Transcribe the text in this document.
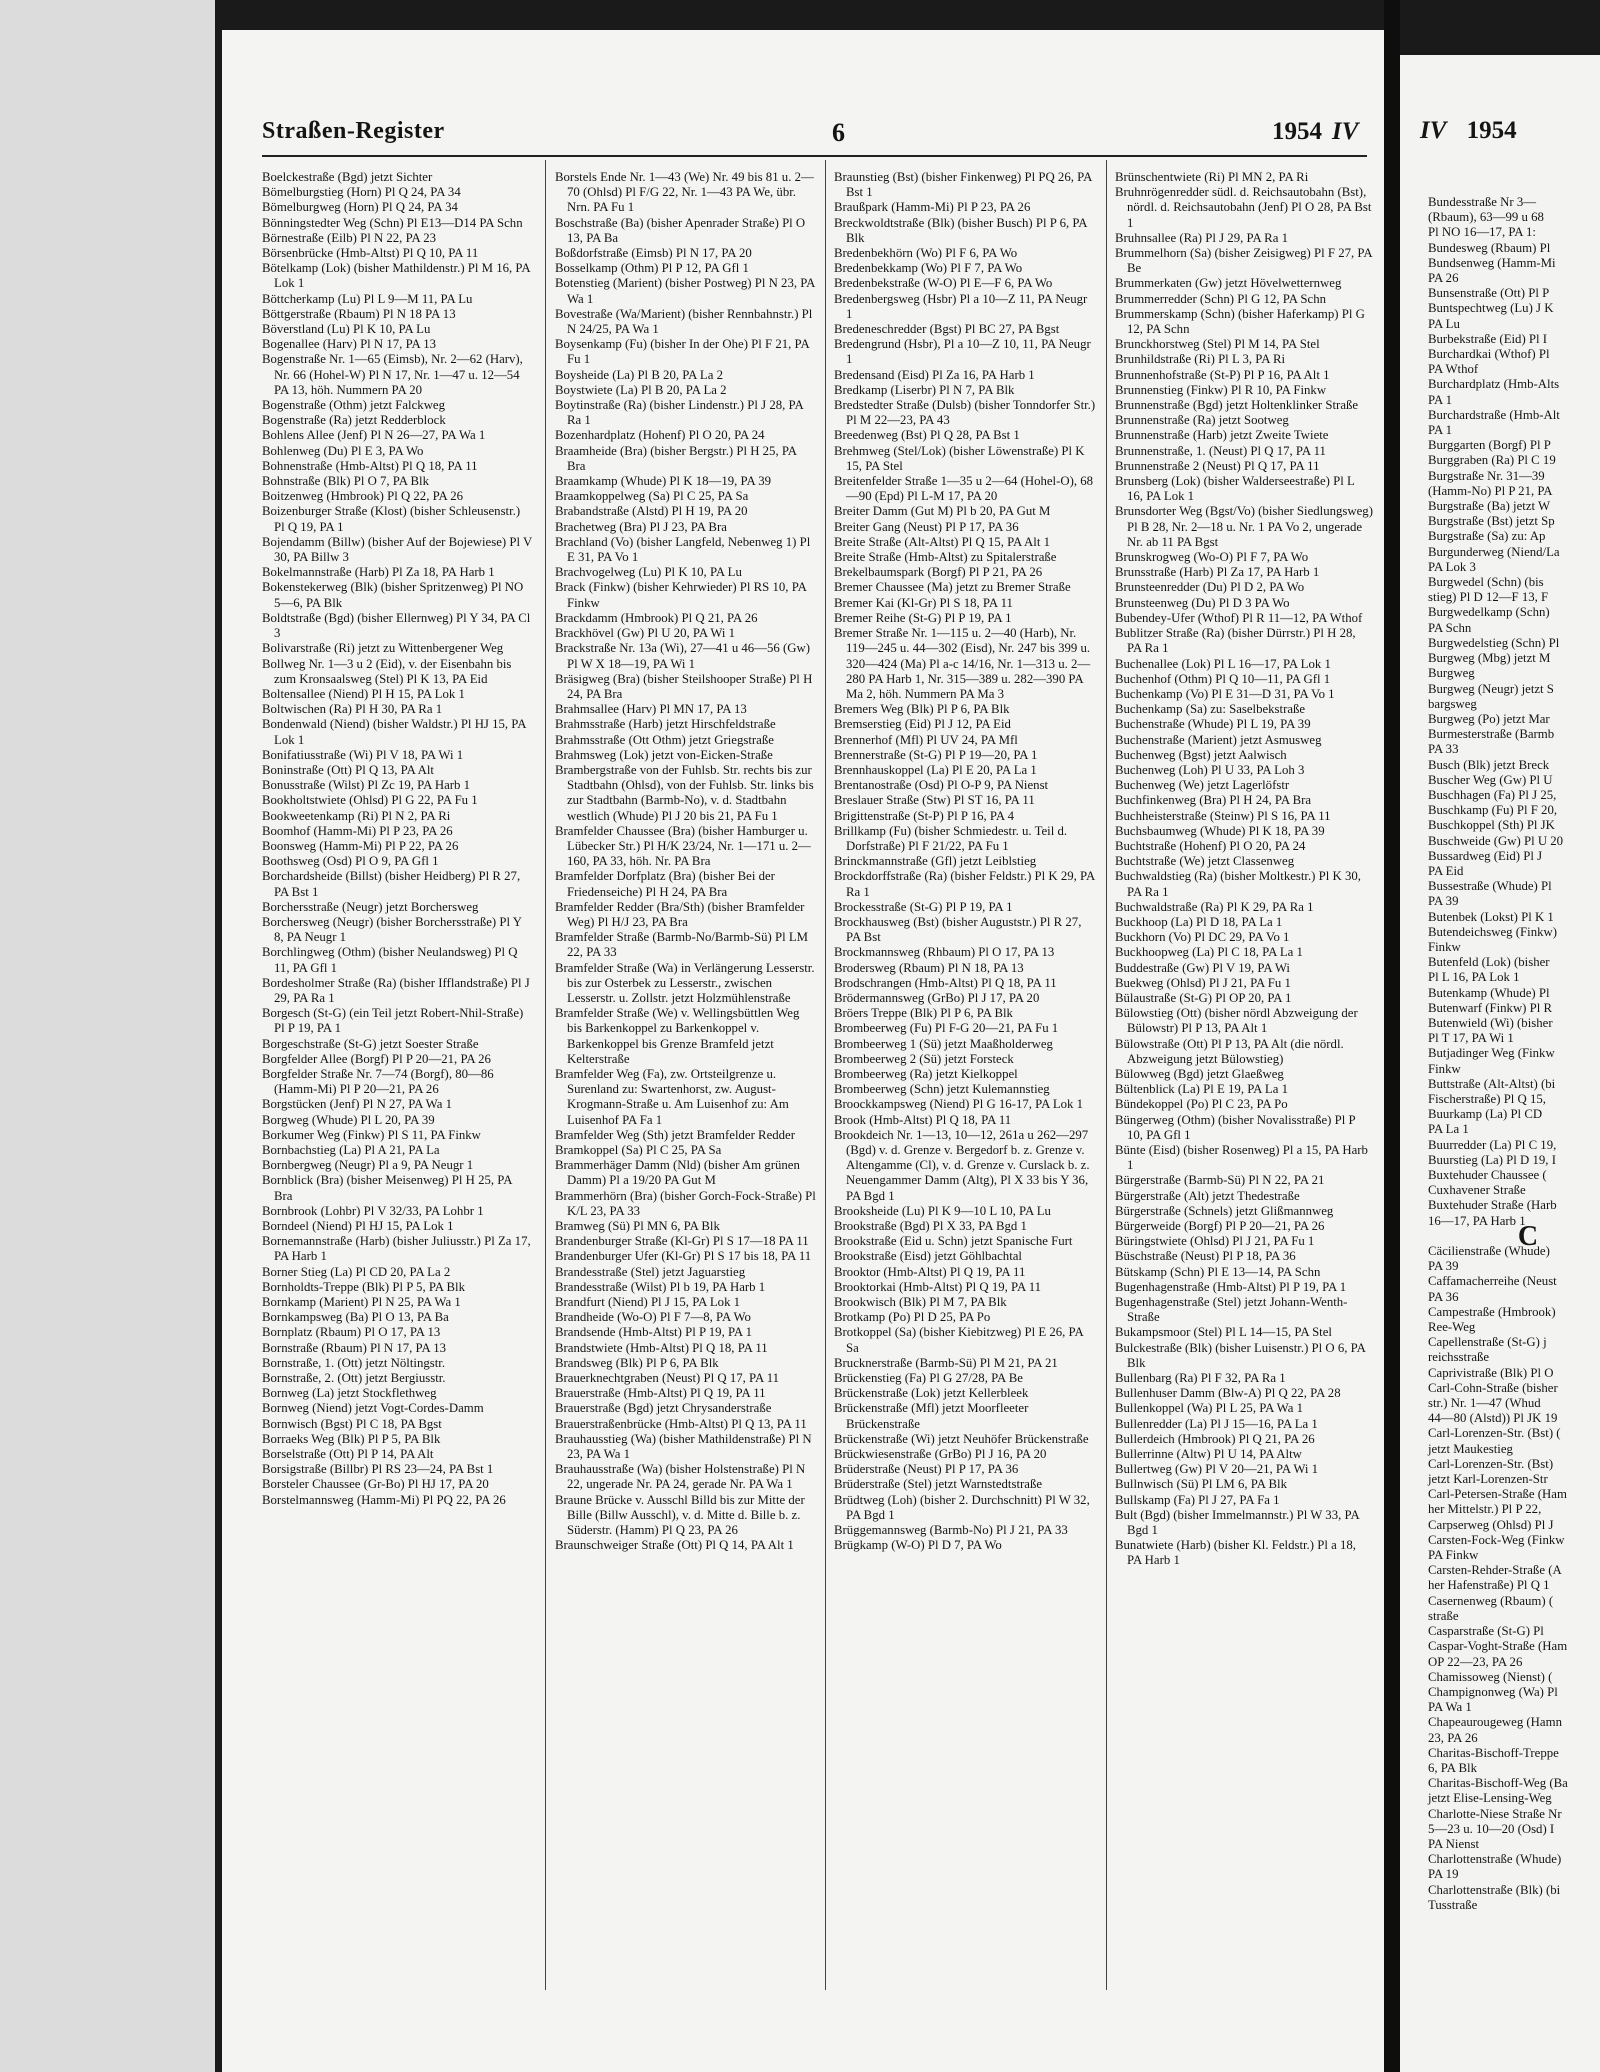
Straßen-Register	6	1954 IV

Boelckestraße (Bgd) jetzt Sichter

Bömelburgstieg (Horn) Pl Q 24, PA 34

Bömelburgweg (Horn) Pl Q 24, PA 34

Bönningstedter Weg (Schn) Pl E13—D14 PA Schn

Börnestraße (Eilb) Pl N 22, PA 23

Börsenbrücke (Hmb-Altst) Pl Q 10, PA 11

Bötelkamp (Lok) (bisher Mathildenstr.) Pl M 16, PA Lok 1

Böttcherkamp (Lu) Pl L 9—M 11, PA Lu

Böttgerstraße (Rbaum) Pl N 18 PA 13

Böverstland (Lu) Pl K 10, PA Lu

Bogenallee (Harv) Pl N 17, PA 13

Bogenstraße Nr. 1—65 (Eimsb), Nr. 2—62 (Harv), Nr. 66 (Hohel-W) Pl N 17, Nr. 1—47 u. 12—54 PA 13, höh. Nummern PA 20

Bogenstraße (Othm) jetzt Falckweg

Bogenstraße (Ra) jetzt Redderblock

Bohlens Allee (Jenf) Pl N 26—27, PA Wa 1

Bohlenweg (Du) Pl E 3, PA Wo

Bohnenstraße (Hmb-Altst) Pl Q 18, PA 11

Bohnstraße (Blk) Pl O 7, PA Blk

Boitzenweg (Hmbrook) Pl Q 22, PA 26

Boizenburger Straße (Klost) (bisher Schleusenstr.) Pl Q 19, PA 1

Bojendamm (Billw) (bisher Auf der Bojewiese) Pl V 30, PA Billw 3

Bokelmannstraße (Harb) Pl Za 18, PA Harb 1

Bokenstekerweg (Blk) (bisher Spritzenweg) Pl NO 5—6, PA Blk

Boldtstraße (Bgd) (bisher Ellernweg) Pl Y 34, PA Cl 3

Bolivarstraße (Ri) jetzt zu Wittenbergener Weg

Bollweg Nr. 1—3 u 2 (Eid), v. der Eisenbahn bis zum Kronsaalsweg (Stel) Pl K 13, PA Eid

Boltensallee (Niend) Pl H 15, PA Lok 1

Boltwischen (Ra) Pl H 30, PA Ra 1

Bondenwald (Niend) (bisher Waldstr.) Pl HJ 15, PA Lok 1

Bonifatiusstraße (Wi) Pl V 18, PA Wi 1

Boninstraße (Ott) Pl Q 13, PA Alt

Bonusstraße (Wilst) Pl Zc 19, PA Harb 1

Bookholtstwiete (Ohlsd) Pl G 22, PA Fu 1

Bookweetenkamp (Ri) Pl N 2, PA Ri

Boomhof (Hamm-Mi) Pl P 23, PA 26

Boonsweg (Hamm-Mi) Pl P 22, PA 26

Boothsweg (Osd) Pl O 9, PA Gfl 1

Borchardsheide (Billst) (bisher Heidberg) Pl R 27, PA Bst 1

Borchersstraße (Neugr) jetzt Borchersweg

Borchersweg (Neugr) (bisher Borchersstraße) Pl Y 8, PA Neugr 1

Borchlingweg (Othm) (bisher Neulandsweg) Pl Q 11, PA Gfl 1

Bordesholmer Straße (Ra) (bisher Ifflandstraße) Pl J 29, PA Ra 1

Borgesch (St-G) (ein Teil jetzt Robert-Nhil-Straße) Pl P 19, PA 1

Borgeschstraße (St-G) jetzt Soester Straße

Borgfelder Allee (Borgf) Pl P 20—21, PA 26

Borgfelder Straße Nr. 7—74 (Borgf), 80—86 (Hamm-Mi) Pl P 20—21, PA 26

Borgstücken (Jenf) Pl N 27, PA Wa 1

Borgweg (Whude) Pl L 20, PA 39

Borkumer Weg (Finkw) Pl S 11, PA Finkw

Bornbachstieg (La) Pl A 21, PA La

Bornbergweg (Neugr) Pl a 9, PA Neugr 1

Bornblick (Bra) (bisher Meisenweg) Pl H 25, PA Bra

Bornbrook (Lohbr) Pl V 32/33, PA Lohbr 1

Borndeel (Niend) Pl HJ 15, PA Lok 1

Bornemannstraße (Harb) (bisher Juliusstr.) Pl Za 17, PA Harb 1

Borner Stieg (La) Pl CD 20, PA La 2

Bornholdts-Treppe (Blk) Pl P 5, PA Blk

Bornkamp (Marient) Pl N 25, PA Wa 1

Bornkampsweg (Ba) Pl O 13, PA Ba

Bornplatz (Rbaum) Pl O 17, PA 13

Bornstraße (Rbaum) Pl N 17, PA 13

Bornstraße, 1. (Ott) jetzt Nöltingstr.

Bornstraße, 2. (Ott) jetzt Bergiusstr.

Bornweg (La) jetzt Stockflethweg

Bornweg (Niend) jetzt Vogt-Cordes-Damm

Bornwisch (Bgst) Pl C 18, PA Bgst

Borraeks Weg (Blk) Pl P 5, PA Blk

Borselstraße (Ott) Pl P 14, PA Alt

Borsigstraße (Billbr) Pl RS 23—24, PA Bst 1

Borsteler Chaussee (Gr-Bo) Pl HJ 17, PA 20

Borstelmannsweg (Hamm-Mi) Pl PQ 22, PA 26

Borstels Ende Nr. 1—43 (We) Nr. 49 bis 81 u. 2—70 (Ohlsd) Pl F/G 22, Nr. 1—43 PA We, übr. Nrn. PA Fu 1

Boschstraße (Ba) (bisher Apenrader Straße) Pl O 13, PA Ba

Boßdorfstraße (Eimsb) Pl N 17, PA 20

Bosselkamp (Othm) Pl P 12, PA Gfl 1

Botenstieg (Marient) (bisher Postweg) Pl N 23, PA Wa 1

Bovestraße (Wa/Marient) (bisher Rennbahnstr.) Pl N 24/25, PA Wa 1

Boysenkamp (Fu) (bisher In der Ohe) Pl F 21, PA Fu 1

Boysheide (La) Pl B 20, PA La 2

Boystwiete (La) Pl B 20, PA La 2

Boytinstraße (Ra) (bisher Lindenstr.) Pl J 28, PA Ra 1

Bozenhardplatz (Hohenf) Pl O 20, PA 24

Braamheide (Bra) (bisher Bergstr.) Pl H 25, PA Bra

Braamkamp (Whude) Pl K 18—19, PA 39

Braamkoppelweg (Sa) Pl C 25, PA Sa

Brabandstraße (Alstd) Pl H 19, PA 20

Brachetweg (Bra) Pl J 23, PA Bra

Brachland (Vo) (bisher Langfeld, Nebenweg 1) Pl E 31, PA Vo 1

Brachvogelweg (Lu) Pl K 10, PA Lu

Brack (Finkw) (bisher Kehrwieder) Pl RS 10, PA Finkw

Brackdamm (Hmbrook) Pl Q 21, PA 26

Brackhövel (Gw) Pl U 20, PA Wi 1

Brackstraße Nr. 13a (Wi), 27—41 u 46—56 (Gw) Pl W X 18—19, PA Wi 1

Bräsigweg (Bra) (bisher Steilshooper Straße) Pl H 24, PA Bra

Brahmsallee (Harv) Pl MN 17, PA 13

Brahmsstraße (Harb) jetzt Hirschfeldstraße

Brahmsstraße (Ott Othm) jetzt Griegstraße

Brahmsweg (Lok) jetzt von-Eicken-Straße

Brambergstraße von der Fuhlsb. Str. rechts bis zur Stadtbahn (Ohlsd), von der Fuhlsb. Str. links bis zur Stadtbahn (Barmb-No), v. d. Stadtbahn westlich (Whude) Pl J 20 bis 21, PA Fu 1

Bramfelder Chaussee (Bra) (bisher Hamburger u. Lübecker Str.) Pl H/K 23/24, Nr. 1—171 u. 2—160, PA 33, höh. Nr. PA Bra

Bramfelder Dorfplatz (Bra) (bisher Bei der Friedenseiche) Pl H 24, PA Bra

Bramfelder Redder (Bra/Sth) (bisher Bramfelder Weg) Pl H/J 23, PA Bra

Bramfelder Straße (Barmb-No/Barmb-Sü) Pl LM 22, PA 33

Bramfelder Straße (Wa) in Verlängerung Lesserstr. bis zur Osterbek zu Lesserstr., zwischen Lesserstr. u. Zollstr. jetzt Holzmühlenstraße

Bramfelder Straße (We) v. Wellingsbüttlen Weg bis Barkenkoppel zu Barkenkoppel v. Barkenkoppel bis Grenze Bramfeld jetzt Kelterstraße

Bramfelder Weg (Fa), zw. Ortsteilgrenze u. Surenland zu: Swartenhorst, zw. August-Krogmann-Straße u. Am Luisenhof zu: Am Luisenhof PA Fa 1

Bramfelder Weg (Sth) jetzt Bramfelder Redder

Bramkoppel (Sa) Pl C 25, PA Sa

Brammerhäger Damm (Nld) (bisher Am grünen Damm) Pl a 19/20 PA Gut M

Brammerhörn (Bra) (bisher Gorch-Fock-Straße) Pl K/L 23, PA 33

Bramweg (Sü) Pl MN 6, PA Blk

Brandenburger Straße (Kl-Gr) Pl S 17—18 PA 11

Brandenburger Ufer (Kl-Gr) Pl S 17 bis 18, PA 11

Brandesstraße (Stel) jetzt Jaguarstieg

Brandesstraße (Wilst) Pl b 19, PA Harb 1

Brandfurt (Niend) Pl J 15, PA Lok 1

Brandheide (Wo-O) Pl F 7—8, PA Wo

Brandsende (Hmb-Altst) Pl P 19, PA 1

Brandstwiete (Hmb-Altst) Pl Q 18, PA 11

Brandsweg (Blk) Pl P 6, PA Blk

Brauerknechtgraben (Neust) Pl Q 17, PA 11

Brauerstraße (Hmb-Altst) Pl Q 19, PA 11

Brauerstraße (Bgd) jetzt Chrysanderstraße

Brauerstraßenbrücke (Hmb-Altst) Pl Q 13, PA 11

Brauhausstieg (Wa) (bisher Mathildenstraße) Pl N 23, PA Wa 1

Brauhausstraße (Wa) (bisher Holstenstraße) Pl N 22, ungerade Nr. PA 24, gerade Nr. PA Wa 1

Braune Brücke v. Ausschl Billd bis zur Mitte der Bille (Billw Ausschl), v. d. Mitte d. Bille b. z. Süderstr. (Hamm) Pl Q 23, PA 26

Braunschweiger Straße (Ott) Pl Q 14, PA Alt 1

Braunstieg (Bst) (bisher Finkenweg) Pl PQ 26, PA Bst 1

Braußpark (Hamm-Mi) Pl P 23, PA 26

Breckwoldtstraße (Blk) (bisher Busch) Pl P 6, PA Blk

Bredenbekhörn (Wo) Pl F 6, PA Wo

Bredenbekkamp (Wo) Pl F 7, PA Wo

Bredenbekstraße (W-O) Pl E—F 6, PA Wo

Bredenbergsweg (Hsbr) Pl a 10—Z 11, PA Neugr 1

Bredeneschredder (Bgst) Pl BC 27, PA Bgst

Bredengrund (Hsbr), Pl a 10—Z 10, 11, PA Neugr 1

Bredensand (Eisd) Pl Za 16, PA Harb 1

Bredkamp (Liserbr) Pl N 7, PA Blk

Bredstedter Straße (Dulsb) (bisher Tonndorfer Str.) Pl M 22—23, PA 43

Breedenweg (Bst) Pl Q 28, PA Bst 1

Brehmweg (Stel/Lok) (bisher Löwenstraße) Pl K 15, PA Stel

Breitenfelder Straße 1—35 u 2—64 (Hohel-O), 68—90 (Epd) Pl L-M 17, PA 20

Breiter Damm (Gut M) Pl b 20, PA Gut M

Breiter Gang (Neust) Pl P 17, PA 36

Breite Straße (Alt-Altst) Pl Q 15, PA Alt 1

Breite Straße (Hmb-Altst) zu Spitalerstraße

Brekelbaumspark (Borgf) Pl P 21, PA 26

Bremer Chaussee (Ma) jetzt zu Bremer Straße

Bremer Kai (Kl-Gr) Pl S 18, PA 11

Bremer Reihe (St-G) Pl P 19, PA 1

Bremer Straße Nr. 1—115 u. 2—40 (Harb), Nr. 119—245 u. 44—302 (Eisd), Nr. 247 bis 399 u. 320—424 (Ma) Pl a-c 14/16, Nr. 1—313 u. 2—280 PA Harb 1, Nr. 315—389 u. 282—390 PA Ma 2, höh. Nummern PA Ma 3

Bremers Weg (Blk) Pl P 6, PA Blk

Bremserstieg (Eid) Pl J 12, PA Eid

Brennerhof (Mfl) Pl UV 24, PA Mfl

Brennerstraße (St-G) Pl P 19—20, PA 1

Brennhauskoppel (La) Pl E 20, PA La 1

Brentanostraße (Osd) Pl O-P 9, PA Nienst

Breslauer Straße (Stw) Pl ST 16, PA 11

Brigittenstraße (St-P) Pl P 16, PA 4

Brillkamp (Fu) (bisher Schmiedestr. u. Teil d. Dorfstraße) Pl F 21/22, PA Fu 1

Brinckmannstraße (Gfl) jetzt Leiblstieg

Brockdorffstraße (Ra) (bisher Feldstr.) Pl K 29, PA Ra 1

Brockesstraße (St-G) Pl P 19, PA 1

Brockhausweg (Bst) (bisher Auguststr.) Pl R 27, PA Bst

Brockmannsweg (Rhbaum) Pl O 17, PA 13

Brodersweg (Rbaum) Pl N 18, PA 13

Brodschrangen (Hmb-Altst) Pl Q 18, PA 11

Brödermannsweg (GrBo) Pl J 17, PA 20

Bröers Treppe (Blk) Pl P 6, PA Blk

Brombeerweg (Fu) Pl F-G 20—21, PA Fu 1

Brombeerweg 1 (Sü) jetzt Maaßholderweg

Brombeerweg 2 (Sü) jetzt Forsteck

Brombeerweg (Ra) jetzt Kielkoppel

Brombeerweg (Schn) jetzt Kulemannstieg

Broockkampsweg (Niend) Pl G 16-17, PA Lok 1

Brook (Hmb-Altst) Pl Q 18, PA 11

Brookdeich Nr. 1—13, 10—12, 261a u 262—297 (Bgd) v. d. Grenze v. Bergedorf b. z. Grenze v. Altengamme (Cl), v. d. Grenze v. Curslack b. z. Neuengammer Damm (Altg), Pl X 33 bis Y 36, PA Bgd 1

Brooksheide (Lu) Pl K 9—10 L 10, PA Lu

Brookstraße (Bgd) Pl X 33, PA Bgd 1

Brookstraße (Eid u. Schn) jetzt Spanische Furt

Brookstraße (Eisd) jetzt Göhlbachtal

Brooktor (Hmb-Altst) Pl Q 19, PA 11

Brooktorkai (Hmb-Altst) Pl Q 19, PA 11

Brookwisch (Blk) Pl M 7, PA Blk

Brotkamp (Po) Pl D 25, PA Po

Brotkoppel (Sa) (bisher Kiebitzweg) Pl E 26, PA Sa

Brucknerstraße (Barmb-Sü) Pl M 21, PA 21

Brückenstieg (Fa) Pl G 27/28, PA Be

Brückenstraße (Lok) jetzt Kellerbleek

Brückenstraße (Mfl) jetzt Moorfleeter Brückenstraße

Brückenstraße (Wi) jetzt Neuhöfer Brückenstraße

Brückwiesenstraße (GrBo) Pl J 16, PA 20

Brüderstraße (Neust) Pl P 17, PA 36

Brüderstraße (Stel) jetzt Warnstedtstraße

Brüdtweg (Loh) (bisher 2. Durchschnitt) Pl W 32, PA Bgd 1

Brüggemannsweg (Barmb-No) Pl J 21, PA 33

Brügkamp (W-O) Pl D 7, PA Wo

Brünschentwiete (Ri) Pl MN 2, PA Ri

Bruhnrögenredder südl. d. Reichsautobahn (Bst), nördl. d. Reichsautobahn (Jenf) Pl O 28, PA Bst 1

Bruhnsallee (Ra) Pl J 29, PA Ra 1

Brummelhorn (Sa) (bisher Zeisigweg) Pl F 27, PA Be

Brummerkaten (Gw) jetzt Hövelwetternweg

Brummerredder (Schn) Pl G 12, PA Schn

Brummerskamp (Schn) (bisher Haferkamp) Pl G 12, PA Schn

Brunckhorstweg (Stel) Pl M 14, PA Stel

Brunhildstraße (Ri) Pl L 3, PA Ri

Brunnenhofstraße (St-P) Pl P 16, PA Alt 1

Brunnenstieg (Finkw) Pl R 10, PA Finkw

Brunnenstraße (Bgd) jetzt Holtenklinker Straße

Brunnenstraße (Ra) jetzt Sootweg

Brunnenstraße (Harb) jetzt Zweite Twiete

Brunnenstraße, 1. (Neust) Pl Q 17, PA 11

Brunnenstraße 2 (Neust) Pl Q 17, PA 11

Brunsberg (Lok) (bisher Walderseestraße) Pl L 16, PA Lok 1

Brunsdorter Weg (Bgst/Vo) (bisher Siedlungsweg) Pl B 28, Nr. 2—18 u. Nr. 1 PA Vo 2, ungerade Nr. ab 11 PA Bgst

Brunskrogweg (Wo-O) Pl F 7, PA Wo

Brunsstraße (Harb) Pl Za 17, PA Harb 1

Brunsteenredder (Du) Pl D 2, PA Wo

Brunsteenweg (Du) Pl D 3 PA Wo

Bubendey-Ufer (Wthof) Pl R 11—12, PA Wthof

Bublitzer Straße (Ra) (bisher Dürrstr.) Pl H 28, PA Ra 1

Buchenallee (Lok) Pl L 16—17, PA Lok 1

Buchenhof (Othm) Pl Q 10—11, PA Gfl 1

Buchenkamp (Vo) Pl E 31—D 31, PA Vo 1

Buchenkamp (Sa) zu: Saselbekstraße

Buchenstraße (Whude) Pl L 19, PA 39

Buchenstraße (Marient) jetzt Asmusweg

Buchenweg (Bgst) jetzt Aalwisch

Buchenweg (Loh) Pl U 33, PA Loh 3

Buchenweg (We) jetzt Lagerlöfstr

Buchfinkenweg (Bra) Pl H 24, PA Bra

Buchheisterstraße (Steinw) Pl S 16, PA 11

Buchsbaumweg (Whude) Pl K 18, PA 39

Buchtstraße (Hohenf) Pl O 20, PA 24

Buchtstraße (We) jetzt Classenweg

Buchwaldstieg (Ra) (bisher Moltkestr.) Pl K 30, PA Ra 1

Buchwaldstraße (Ra) Pl K 29, PA Ra 1

Buckhoop (La) Pl D 18, PA La 1

Buckhorn (Vo) Pl DC 29, PA Vo 1

Buckhoopweg (La) Pl C 18, PA La 1

Buddestraße (Gw) Pl V 19, PA Wi

Buekweg (Ohlsd) Pl J 21, PA Fu 1

Bülaustraße (St-G) Pl OP 20, PA 1

Bülowstieg (Ott) (bisher nördl Abzweigung der Bülowstr) Pl P 13, PA Alt 1

Bülowstraße (Ott) Pl P 13, PA Alt (die nördl. Abzweigung jetzt Bülowstieg)

Bülowweg (Bgd) jetzt Glaeßweg

Bültenblick (La) Pl E 19, PA La 1

Bündekoppel (Po) Pl C 23, PA Po

Büngerweg (Othm) (bisher Novalisstraße) Pl P 10, PA Gfl 1

Bünte (Eisd) (bisher Rosenweg) Pl a 15, PA Harb 1

Bürgerstraße (Barmb-Sü) Pl N 22, PA 21

Bürgerstraße (Alt) jetzt Thedestraße

Bürgerstraße (Schnels) jetzt Glißmannweg

Bürgerweide (Borgf) Pl P 20—21, PA 26

Büringstwiete (Ohlsd) Pl J 21, PA Fu 1

Büschstraße (Neust) Pl P 18, PA 36

Bütskamp (Schn) Pl E 13—14, PA Schn

Bugenhagenstraße (Hmb-Altst) Pl P 19, PA 1

Bugenhagenstraße (Stel) jetzt Johann-Wenth-Straße

Bukampsmoor (Stel) Pl L 14—15, PA Stel

Bulckestraße (Blk) (bisher Luisenstr.) Pl O 6, PA Blk

Bullenbarg (Ra) Pl F 32, PA Ra 1

Bullenhuser Damm (Blw-A) Pl Q 22, PA 28

Bullenkoppel (Wa) Pl L 25, PA Wa 1

Bullenredder (La) Pl J 15—16, PA La 1

Bullerdeich (Hmbrook) Pl Q 21, PA 26

Bullerrinne (Altw) Pl U 14, PA Altw

Bullertweg (Gw) Pl V 20—21, PA Wi 1

Bullnwisch (Sü) Pl LM 6, PA Blk

Bullskamp (Fa) Pl J 27, PA Fa 1

Bult (Bgd) (bisher Immelmannstr.) Pl W 33, PA Bgd 1

Bunatwiete (Harb) (bisher Kl. Feldstr.) Pl a 18, PA Harb 1

IV 1954

Bundesstraße Nr 3—

(Rbaum), 63—99 u 68

Pl NO 16—17, PA 1:

Bundesweg (Rbaum) Pl

Bundsenweg (Hamm-Mi

PA 26

Bunsenstraße (Ott) Pl P

Buntspechtweg (Lu) J K

PA Lu

Burbekstraße (Eid) Pl I

Burchardkai (Wthof) Pl

PA Wthof

Burchardplatz (Hmb-Alts

PA 1

Burchardstraße (Hmb-Alt

PA 1

Burggarten (Borgf) Pl P

Burggraben (Ra) Pl C 19

Burgstraße Nr. 31—39

(Hamm-No) Pl P 21, PA

Burgstraße (Ba) jetzt W

Burgstraße (Bst) jetzt Sp

Burgstraße (Sa) zu: Ap

Burgunderweg (Niend/La

PA Lok 3

Burgwedel (Schn) (bis

stieg) Pl D 12—F 13, F

Burgwedelkamp (Schn)

PA Schn

Burgwedelstieg (Schn) Pl

Burgweg (Mbg) jetzt M

Burgweg

Burgweg (Neugr) jetzt S

bargsweg

Burgweg (Po) jetzt Mar

Burmesterstraße (Barmb

PA 33

Busch (Blk) jetzt Breck

Buscher Weg (Gw) Pl U

Buschhagen (Fa) Pl J 25,

Buschkamp (Fu) Pl F 20,

Buschkoppel (Sth) Pl JK

Buschweide (Gw) Pl U 20

Bussardweg (Eid) Pl J

PA Eid

Bussestraße (Whude) Pl

PA 39

Butenbek (Lokst) Pl K 1

Butendeichsweg (Finkw)

Finkw

Butenfeld (Lok) (bisher

Pl L 16, PA Lok 1

Butenkamp (Whude) Pl

Butenwarf (Finkw) Pl R

Butenwield (Wi) (bisher

Pl T 17, PA Wi 1

Butjadinger Weg (Finkw

Finkw

Buttstraße (Alt-Altst) (bi

Fischerstraße) Pl Q 15,

Buurkamp (La) Pl CD

PA La 1

Buurredder (La) Pl C 19,

Buurstieg (La) Pl D 19, I

Buxtehuder Chaussee (

Cuxhavener Straße

Buxtehuder Straße (Harb

16—17, PA Harb 1

C

Cäcilienstraße (Whude)

PA 39

Caffamacherreihe (Neust

PA 36

Campestraße (Hmbrook)

Ree-Weg

Capellenstraße (St-G) j

reichsstraße

Caprivistraße (Blk) Pl O

Carl-Cohn-Straße (bisher

str.) Nr. 1—47 (Whud

44—80 (Alstd)) Pl JK 19

Carl-Lorenzen-Str. (Bst) (

jetzt Maukestieg

Carl-Lorenzen-Str. (Bst)

jetzt Karl-Lorenzen-Str

Carl-Petersen-Straße (Ham

her Mittelstr.) Pl P 22,

Carpserweg (Ohlsd) Pl J

Carsten-Fock-Weg (Finkw

PA Finkw

Carsten-Rehder-Straße (A

her Hafenstraße) Pl Q 1

Casernenweg (Rbaum) (

straße

Casparstraße (St-G) Pl

Caspar-Voght-Straße (Ham

OP 22—23, PA 26

Chamissoweg (Nienst) (

Champignonweg (Wa) Pl

PA Wa 1

Chapeaurougeweg (Hamn

23, PA 26

Charitas-Bischoff-Treppe

6, PA Blk

Charitas-Bischoff-Weg (Ba

jetzt Elise-Lensing-Weg

Charlotte-Niese Straße Nr

5—23 u. 10—20 (Osd) I

PA Nienst

Charlottenstraße (Whude)

PA 19

Charlottenstraße (Blk) (bi

Tusstraße
